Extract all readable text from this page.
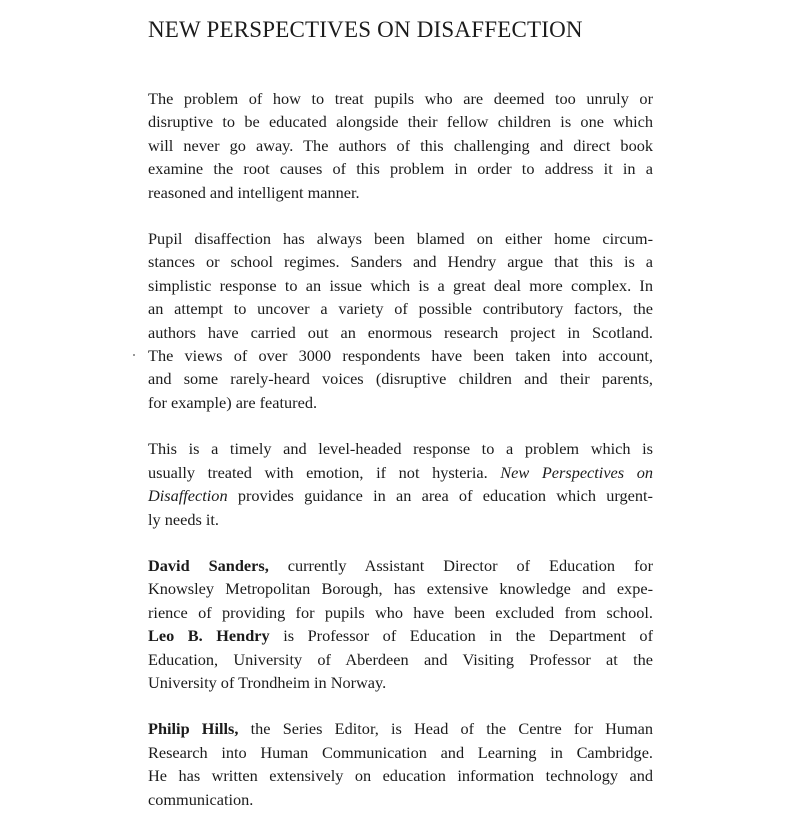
NEW PERSPECTIVES ON DISAFFECTION

The problem of how to treat pupils who are deemed too unruly or
disruptive to be educated alongside their fellow children is one which
will never go away. The authors of this challenging and direct book
examine the root causes of this problem in order to address it in a
reasoned and intelligent manner.

Pupil disaffection has always been blamed on either home circum-
stances or school regimes. Sanders and Hendry argue that this is a
simplistic response to an issue which is a great deal more complex. In
an attempt to uncover a variety of possible contributory factors, the
authors have carried out an enormous research project in Scotland.
The views of over 3000 respondents have been taken into account,
and some rarely-heard voices (disruptive children and their parents,
for example) are featured.

This is a timely and level-headed response to a problem which is
usually treated with emotion, if not hysteria. New Perspectives on
Disaffection provides guidance in an area of education which urgent-
ly needs it.

David Sanders, currently Assistant Director of Education for
Knowsley Metropolitan Borough, has extensive knowledge and expe-
rience of providing for pupils who have been excluded from school.
Leo B. Hendry is Professor of Education in the Department of
Education, University of Aberdeen and Visiting Professor at the
University of Trondheim in Norway.

Philip Hills, the Series Editor, is Head of the Centre for Human
Research into Human Communication and Learning in Cambridge.
He has written extensively on education information technology and
communication.
